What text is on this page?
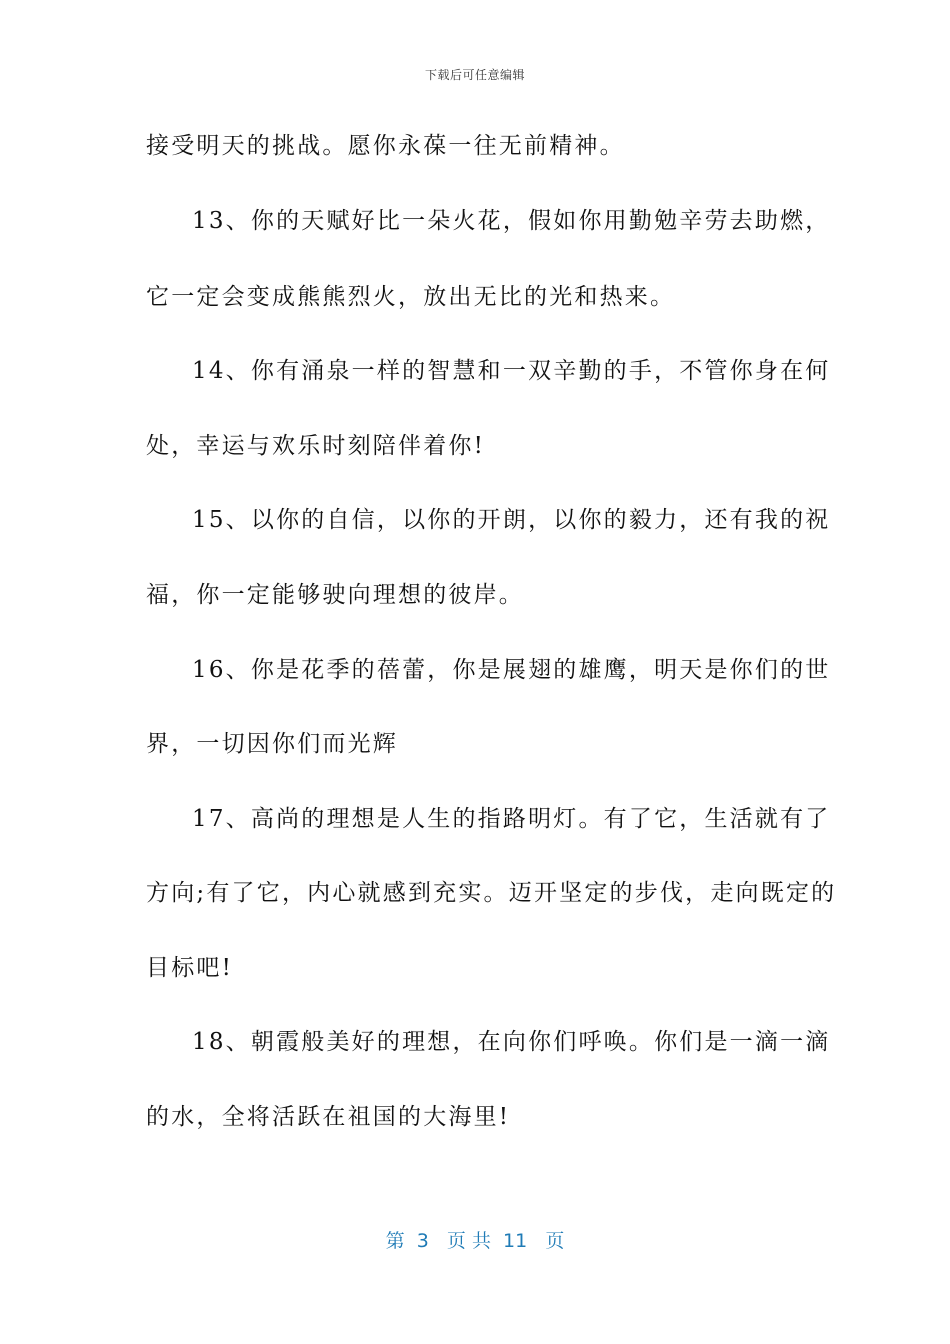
下载后可任意编辑
接受明天的挑战。愿你永葆一往无前精神。
13、你的天赋好比一朵火花，假如你用勤勉辛劳去助燃，
它一定会变成熊熊烈火，放出无比的光和热来。
14、你有涌泉一样的智慧和一双辛勤的手，不管你身在何
处，幸运与欢乐时刻陪伴着你!
15、以你的自信，以你的开朗，以你的毅力，还有我的祝
福，你一定能够驶向理想的彼岸。
16、你是花季的蓓蕾，你是展翅的雄鹰，明天是你们的世
界，一切因你们而光辉
17、高尚的理想是人生的指路明灯。有了它，生活就有了
方向;有了它，内心就感到充实。迈开坚定的步伐，走向既定的
目标吧!
18、朝霞般美好的理想，在向你们呼唤。你们是一滴一滴
的水，全将活跃在祖国的大海里!
第  3   页 共  11   页
